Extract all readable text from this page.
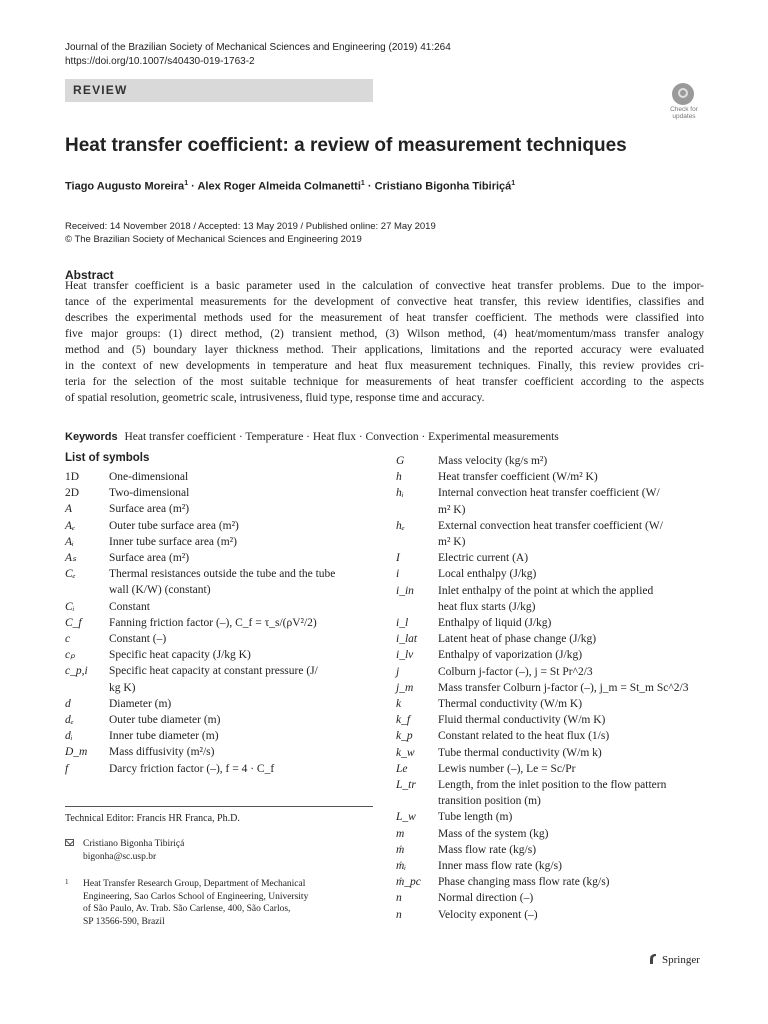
Journal of the Brazilian Society of Mechanical Sciences and Engineering (2019) 41:264
https://doi.org/10.1007/s40430-019-1763-2
REVIEW
Check for
updates
Heat transfer coefficient: a review of measurement techniques
Tiago Augusto Moreira$^1$ · Alex Roger Almeida Colmanetti$^1$ · Cristiano Bigonha Tibiriçá$^1$
Received: 14 November 2018 / Accepted: 13 May 2019 / Published online: 27 May 2019
© The Brazilian Society of Mechanical Sciences and Engineering 2019
Abstract
Heat transfer coefficient is a basic parameter used in the calculation of convective heat transfer problems. Due to the impor-
tance of the experimental measurements for the development of convective heat transfer, this review identifies, classifies and
describes the experimental methods used for the measurement of heat transfer coefficient. The methods were classified into
five major groups: (1) direct method, (2) transient method, (3) Wilson method, (4) heat/momentum/mass transfer analogy
method and (5) boundary layer thickness method. Their applications, limitations and the reported accuracy were evaluated
in the context of new developments in temperature and heat flux measurement techniques. Finally, this review provides cri-
teria for the selection of the most suitable technique for measurements of heat transfer coefficient according to the aspects
of spatial resolution, geometric scale, intrusiveness, fluid type, response time and accuracy.
Keywords Heat transfer coefficient · Temperature · Heat flux · Convection · Experimental measurements
List of symbols
1D	One-dimensional
2D	Two-dimensional
A	Surface area (m²)
Aₑ	Outer tube surface area (m²)
Aᵢ	Inner tube surface area (m²)
Aₛ	Surface area (m²)
Cₑ	Thermal resistances outside the tube and the tube
wall (K/W) (constant)
Cᵢ	Constant
C_f Fanning friction factor (–), C_f = τ_s/(ρV²/2)
c	Constant (–)
cₚ	Specific heat capacity (J/kg K)
c_p,i Specific heat capacity at constant pressure (J/
kg K)
d	Diameter (m)
dₑ	Outer tube diameter (m)
dᵢ	Inner tube diameter (m)
D_m Mass diffusivity (m²/s)
f	Darcy friction factor (–), f = 4 · C_f
G	Mass velocity (kg/s m²)
h	Heat transfer coefficient (W/m² K)
hᵢ	Internal convection heat transfer coefficient (W/
m² K)
hₑ	External convection heat transfer coefficient (W/
m² K)
I	Electric current (A)
i	Local enthalpy (J/kg)
i_in Inlet enthalpy of the point at which the applied
heat flux starts (J/kg)
i_l	Enthalpy of liquid (J/kg)
i_lat Latent heat of phase change (J/kg)
i_lv Enthalpy of vaporization (J/kg)
j	Colburn j-factor (–), j = St Pr^2/3
j_m Mass transfer Colburn j-factor (–), j_m = St_m Sc^2/3
k	Thermal conductivity (W/m K)
k_f Fluid thermal conductivity (W/m K)
k_p Constant related to the heat flux (1/s)
k_w Tube thermal conductivity (W/m k)
Le	Lewis number (–), Le = Sc/Pr
L_tr Length, from the inlet position to the flow pattern
transition position (m)
L_w Tube length (m)
m	Mass of the system (kg)
ṁ	Mass flow rate (kg/s)
ṁᵢ	Inner mass flow rate (kg/s)
ṁ_pc Phase changing mass flow rate (kg/s)
n	Normal direction (–)
n	Velocity exponent (–)
Technical Editor: Francis HR Franca, Ph.D.
Cristiano Bigonha Tibiriçá
bigonha@sc.usp.br
1 Heat Transfer Research Group, Department of Mechanical
Engineering, Sao Carlos School of Engineering, University
of São Paulo, Av. Trab. São Carlense, 400, São Carlos,
SP 13566-590, Brazil
Springer
